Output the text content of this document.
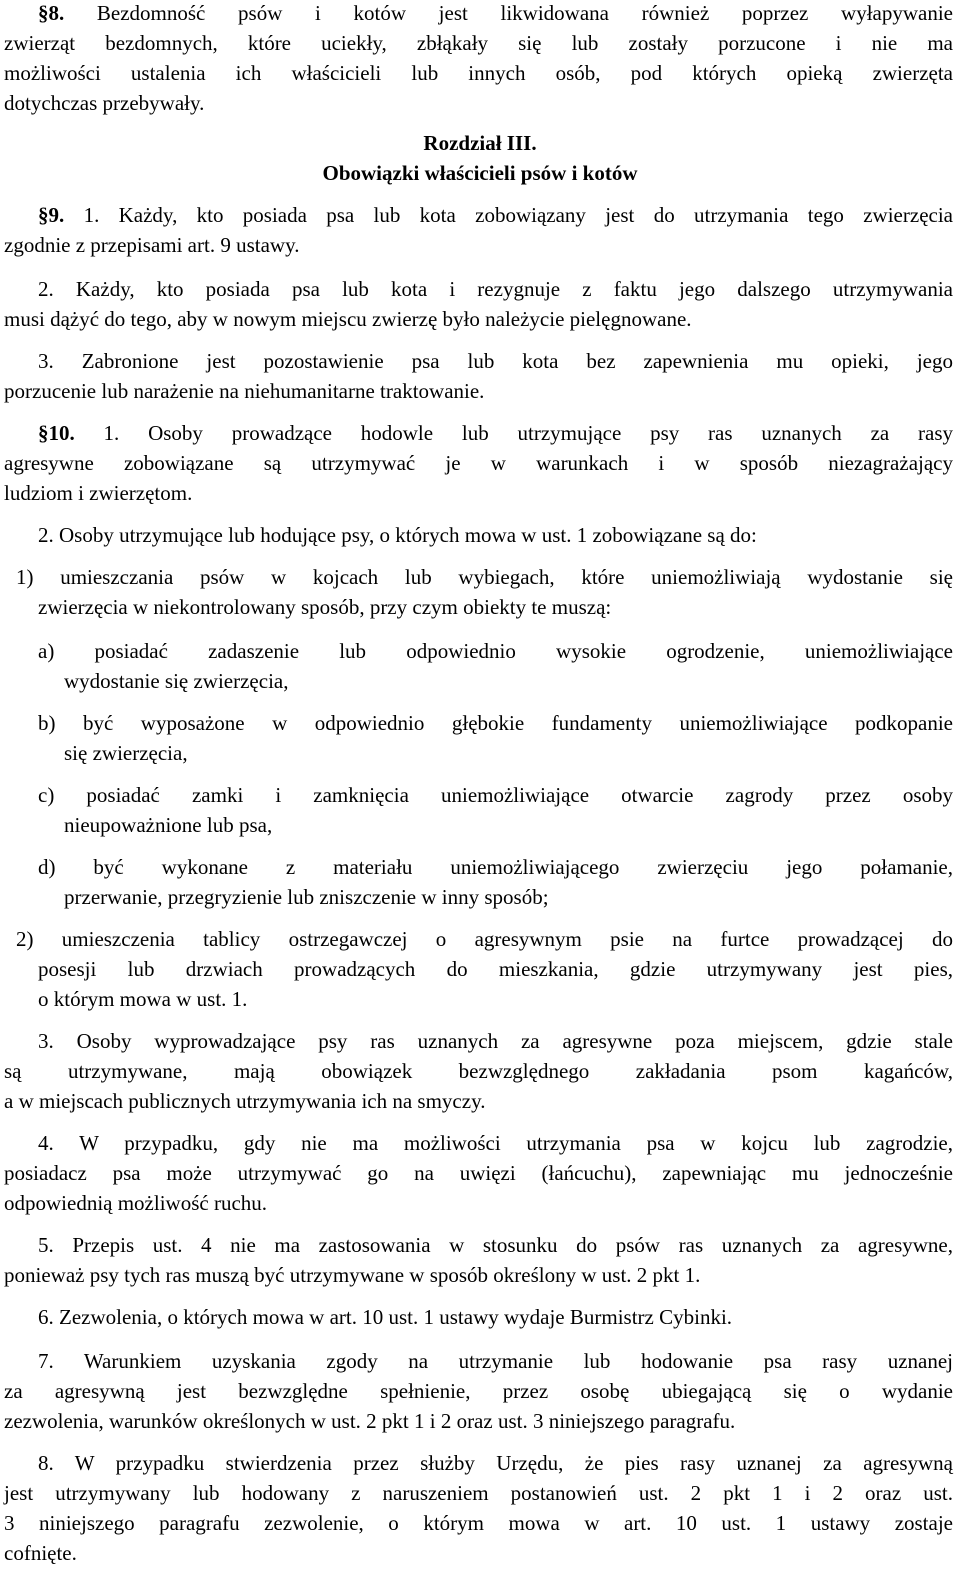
§8. Bezdomność psów i kotów jest likwidowana również poprzez wyłapywanie
zwierząt bezdomnych, które uciekły, zbłąkały się lub zostały porzucone i nie ma
możliwości ustalenia ich właścicieli lub innych osób, pod których opieką zwierzęta
dotychczas przebywały.
Rozdział III.
Obowiązki właścicieli psów i kotów
§9. 1. Każdy, kto posiada psa lub kota zobowiązany jest do utrzymania tego zwierzęcia
zgodnie z przepisami art. 9 ustawy.
2. Każdy, kto posiada psa lub kota i rezygnuje z faktu jego dalszego utrzymywania
musi dążyć do tego, aby w nowym miejscu zwierzę było należycie pielęgnowane.
3. Zabronione jest pozostawienie psa lub kota bez zapewnienia mu opieki, jego
porzucenie lub narażenie na niehumanitarne traktowanie.
§10. 1. Osoby prowadzące hodowle lub utrzymujące psy ras uznanych za rasy
agresywne zobowiązane są utrzymywać je w warunkach i w sposób niezagrażający
ludziom i zwierzętom.
2. Osoby utrzymujące lub hodujące psy, o których mowa w ust. 1 zobowiązane są do:
1) umieszczania psów w kojcach lub wybiegach, które uniemożliwiają wydostanie się
zwierzęcia w niekontrolowany sposób, przy czym obiekty te muszą:
a) posiadać zadaszenie lub odpowiednio wysokie ogrodzenie, uniemożliwiające
wydostanie się zwierzęcia,
b) być wyposażone w odpowiednio głębokie fundamenty uniemożliwiające podkopanie
się zwierzęcia,
c) posiadać zamki i zamknięcia uniemożliwiające otwarcie zagrody przez osoby
nieupoważnione lub psa,
d) być wykonane z materiału uniemożliwiającego zwierzęciu jego połamanie,
przerwanie, przegryzienie lub zniszczenie w inny sposób;
2) umieszczenia tablicy ostrzegawczej o agresywnym psie na furtce prowadzącej do
posesji lub drzwiach prowadzących do mieszkania, gdzie utrzymywany jest pies,
o którym mowa w ust. 1.
3. Osoby wyprowadzające psy ras uznanych za agresywne poza miejscem, gdzie stale
są utrzymywane, mają obowiązek bezwzględnego zakładania psom kagańców,
a w miejscach publicznych utrzymywania ich na smyczy.
4. W przypadku, gdy nie ma możliwości utrzymania psa w kojcu lub zagrodzie,
posiadacz psa może utrzymywać go na uwięzi (łańcuchu), zapewniając mu jednocześnie
odpowiednią możliwość ruchu.
5. Przepis ust. 4 nie ma zastosowania w stosunku do psów ras uznanych za agresywne,
ponieważ psy tych ras muszą być utrzymywane w sposób określony w ust. 2 pkt 1.
6. Zezwolenia, o których mowa w art. 10 ust. 1 ustawy wydaje Burmistrz Cybinki.
7. Warunkiem uzyskania zgody na utrzymanie lub hodowanie psa rasy uznanej
za agresywną jest bezwzględne spełnienie, przez osobę ubiegającą się o wydanie
zezwolenia, warunków określonych w ust. 2 pkt 1 i 2 oraz ust. 3 niniejszego paragrafu.
8. W przypadku stwierdzenia przez służby Urzędu, że pies rasy uznanej za agresywną
jest utrzymywany lub hodowany z naruszeniem postanowień ust. 2 pkt 1 i 2 oraz ust.
3 niniejszego paragrafu zezwolenie, o którym mowa w art. 10 ust. 1 ustawy zostaje
cofnięte.
